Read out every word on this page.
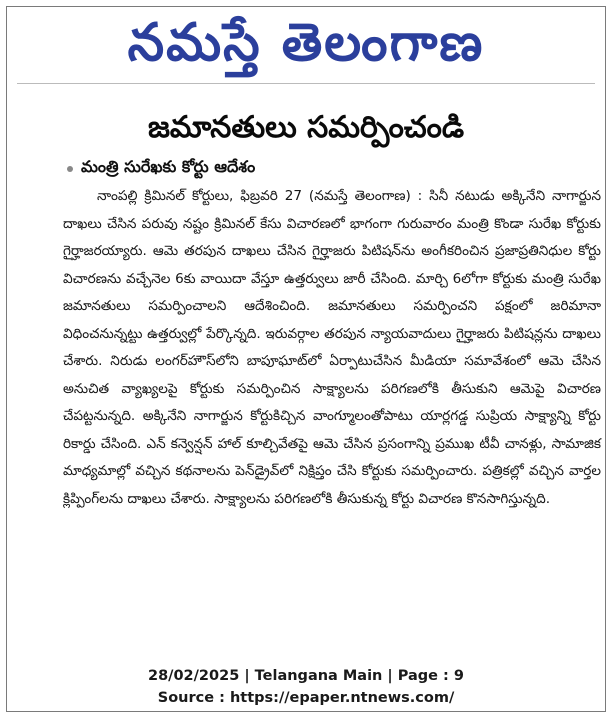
నమస్తే తెలంగాణ
జమానతులు సమర్పించండి
మంత్రి సురేఖకు కోర్టు ఆదేశం

నాంపల్లి క్రిమినల్ కోర్టులు, ఫిబ్రవరి 27 (నమస్తే తెలంగాణ) : సినీ నటుడు అక్కినేని నాగార్జున దాఖలు చేసిన పరువు నష్టం క్రిమినల్ కేసు విచారణలో భాగంగా గురువారం మంత్రి కొండా సురేఖ కోర్టుకు గైర్హాజరయ్యారు. ఆమె తరపున దాఖలు చేసిన గైర్హాజరు పిటిషన్‌ను అంగీకరించిన ప్రజాప్రతినిధుల కోర్టు విచారణను వచ్చేనెల 6కు వాయిదా వేస్తూ ఉత్తర్వులు జారీ చేసింది. మార్చి 6లోగా కోర్టుకు మంత్రి సురేఖ జమానతులు సమర్పించాలని ఆదేశించింది. జమానతులు సమర్పించని పక్షంలో జరిమానా విధించనున్నట్టు ఉత్తర్వుల్లో పేర్కొన్నది. ఇరువర్గాల తరపున న్యాయవాదులు గైర్హాజరు పిటిషన్లను దాఖలు చేశారు. నిరుడు లంగర్‌హౌస్‌లోని బాపూఘాట్‌లో ఏర్పాటుచేసిన మీడియా సమావేశంలో ఆమె చేసిన అనుచిత వ్యాఖ్యలపై కోర్టుకు సమర్పించిన సాక్ష్యాలను పరిగణలోకి తీసుకుని ఆమెపై విచారణ చేపట్టనున్నది. అక్కినేని నాగార్జున కోర్టుకిచ్చిన వాంగ్మూలంతోపాటు యార్లగడ్డ సుప్రియ సాక్ష్యాన్ని కోర్టు రికార్డు చేసింది. ఎన్ కన్వెన్షన్ హాల్ కూల్చివేతపై ఆమె చేసిన ప్రసంగాన్ని ప్రముఖ టీవీ చానళ్లు, సామాజిక మాధ్యమాల్లో వచ్చిన కథనాలను పెన్‌డ్రైవ్‌లో నిక్షిప్తం చేసి కోర్టుకు సమర్పించారు. పత్రికల్లో వచ్చిన వార్తల క్లిప్పింగ్‌లను దాఖలు చేశారు. సాక్ష్యాలను పరిగణలోకి తీసుకున్న కోర్టు విచారణ కొనసాగిస్తున్నది.

28/02/2025 | Telangana Main | Page : 9
Source : https://epaper.ntnews.com/
